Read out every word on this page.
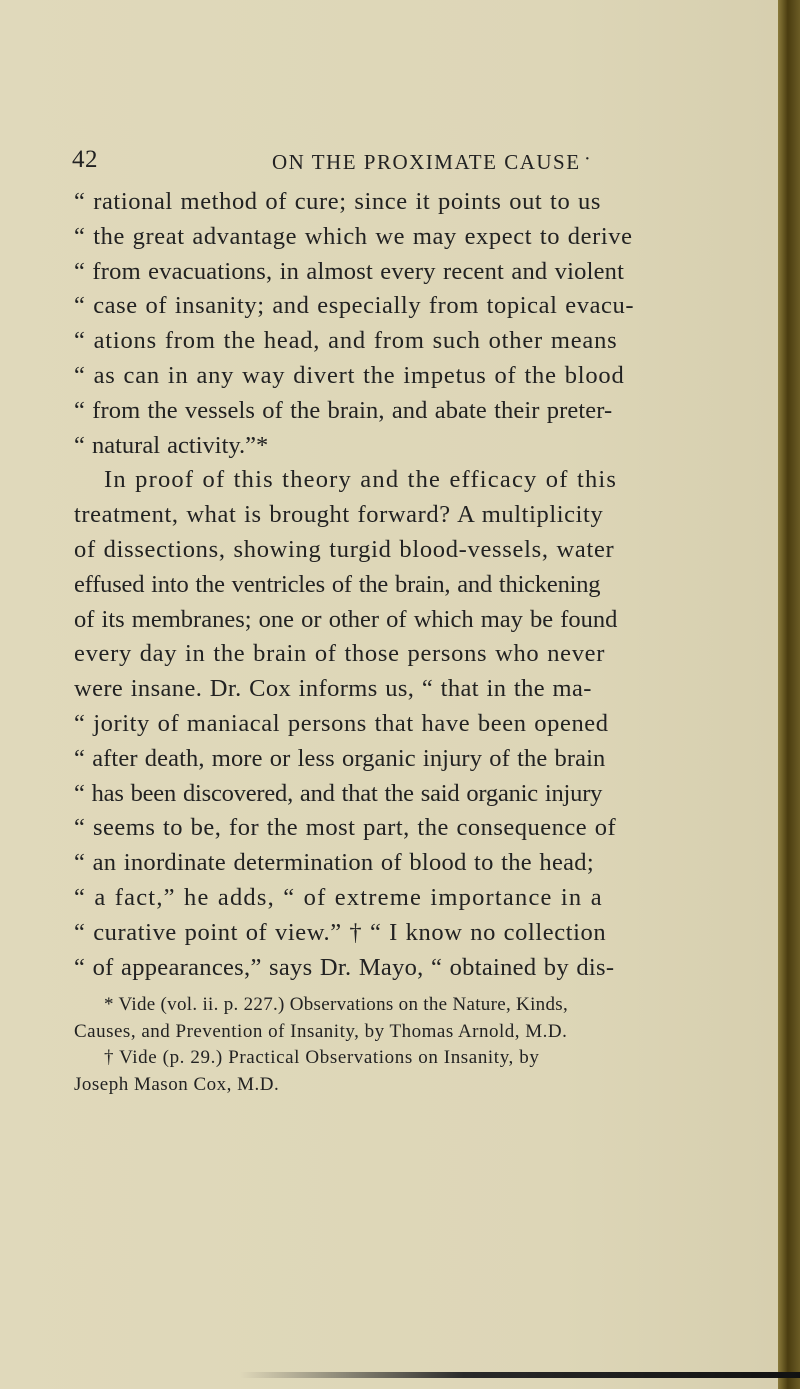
42	ON THE PROXIMATE CAUSE ·
“ rational method of cure; since it points out to us
“ the great advantage which we may expect to derive
“ from evacuations, in almost every recent and violent
“ case of insanity; and especially from topical evacu-
“ ations from the head, and from such other means
“ as can in any way divert the impetus of the blood
“ from the vessels of the brain, and abate their preter-
“ natural activity.”*
In proof of this theory and the efficacy of this
treatment, what is brought forward? A multiplicity
of dissections, showing turgid blood-vessels, water
effused into the ventricles of the brain, and thickening
of its membranes; one or other of which may be found
every day in the brain of those persons who never
were insane. Dr. Cox informs us, “ that in the ma-
“ jority of maniacal persons that have been opened
“ after death, more or less organic injury of the brain
“ has been discovered, and that the said organic injury
“ seems to be, for the most part, the consequence of
“ an inordinate determination of blood to the head;
“ a fact,” he adds, “ of extreme importance in a
“ curative point of view.” † “ I know no collection
“ of appearances,” says Dr. Mayo, “ obtained by dis-
* Vide (vol. ii. p. 227.) Observations on the Nature, Kinds,
Causes, and Prevention of Insanity, by Thomas Arnold, M.D.
† Vide (p. 29.) Practical Observations on Insanity, by
Joseph Mason Cox, M.D.
